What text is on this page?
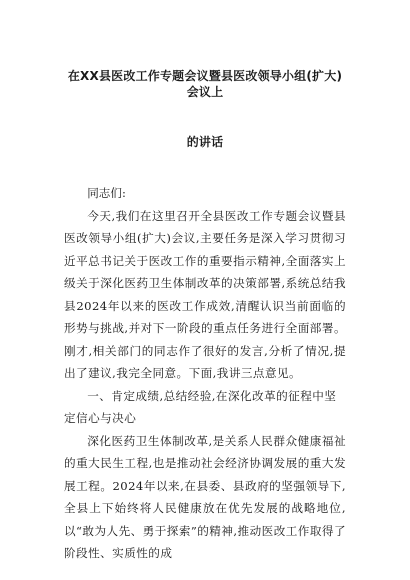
在XX县医改工作专题会议暨县医改领导小组(扩大)会议上
的讲话

同志们:

今天,我们在这里召开全县医改工作专题会议暨县医改领导小组(扩大)会议,主要任务是深入学习贯彻习近平总书记关于医改工作的重要指示精神,全面落实上级关于深化医药卫生体制改革的决策部署,系统总结我县2024年以来的医改工作成效,清醒认识当前面临的形势与挑战,并对下一阶段的重点任务进行全面部署。刚才,相关部门的同志作了很好的发言,分析了情况,提出了建议,我完全同意。下面,我讲三点意见。

一、肯定成绩,总结经验,在深化改革的征程中坚定信心与决心

深化医药卫生体制改革,是关系人民群众健康福祉的重大民生工程,也是推动社会经济协调发展的重大发展工程。2024年以来,在县委、县政府的坚强领导下,全县上下始终将人民健康放在优先发展的战略地位,以“敢为人先、勇于探索”的精神,推动医改工作取得了阶段性、实质性的成
